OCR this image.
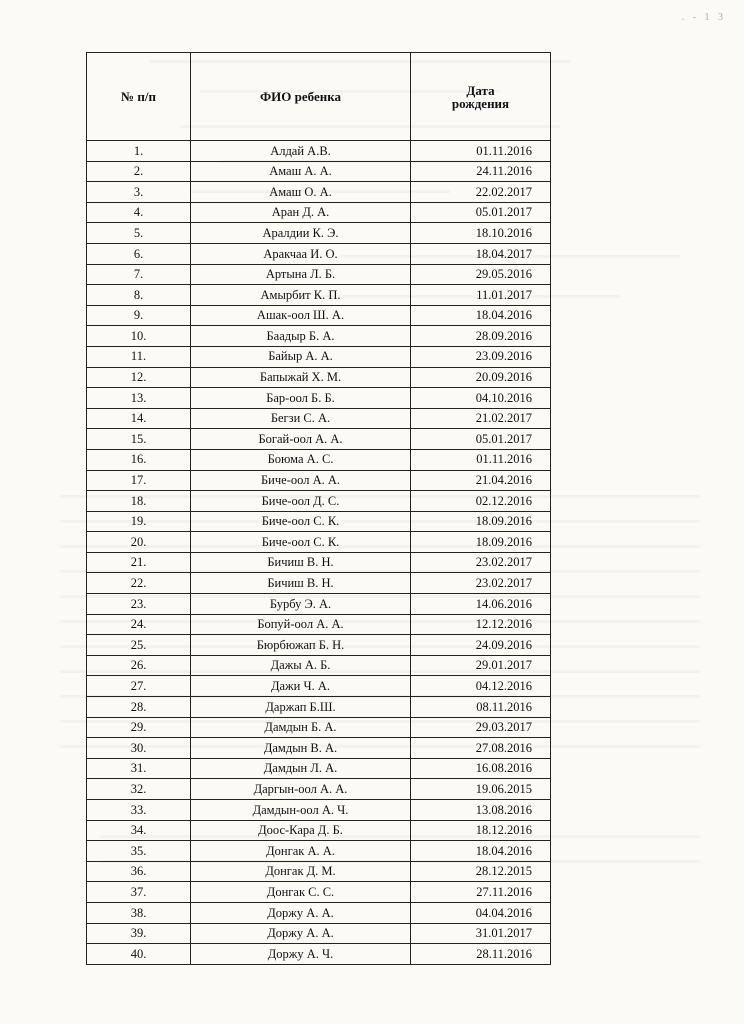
. - 1 3
№ п/п	ФИО ребенка	Дата рождения
1.	Алдай А.В.	01.11.2016
2.	Амаш А. А.	24.11.2016
3.	Амаш О. А.	22.02.2017
4.	Аран Д. А.	05.01.2017
5.	Аралдии К. Э.	18.10.2016
6.	Аракчаа И. О.	18.04.2017
7.	Артына Л. Б.	29.05.2016
8.	Амырбит К. П.	11.01.2017
9.	Ашак-оол Ш. А.	18.04.2016
10.	Баадыр Б. А.	28.09.2016
11.	Байыр А. А.	23.09.2016
12.	Бапыжай Х. М.	20.09.2016
13.	Бар-оол Б. Б.	04.10.2016
14.	Бегзи С. А.	21.02.2017
15.	Богай-оол А. А.	05.01.2017
16.	Боюма А. С.	01.11.2016
17.	Биче-оол А. А.	21.04.2016
18.	Биче-оол Д. С.	02.12.2016
19.	Биче-оол С. К.	18.09.2016
20.	Биче-оол С. К.	18.09.2016
21.	Бичиш В. Н.	23.02.2017
22.	Бичиш В. Н.	23.02.2017
23.	Бурбу Э. А.	14.06.2016
24.	Бопуй-оол А. А.	12.12.2016
25.	Бюрбюжап Б. Н.	24.09.2016
26.	Дажы А. Б.	29.01.2017
27.	Дажи Ч. А.	04.12.2016
28.	Даржап Б.Ш.	08.11.2016
29.	Дамдын Б. А.	29.03.2017
30.	Дамдын В. А.	27.08.2016
31.	Дамдын Л. А.	16.08.2016
32.	Даргын-оол А. А.	19.06.2015
33.	Дамдын-оол А. Ч.	13.08.2016
34.	Доос-Кара Д. Б.	18.12.2016
35.	Донгак А. А.	18.04.2016
36.	Донгак Д. М.	28.12.2015
37.	Донгак С. С.	27.11.2016
38.	Доржу А. А.	04.04.2016
39.	Доржу А. А.	31.01.2017
40.	Доржу А. Ч.	28.11.2016
